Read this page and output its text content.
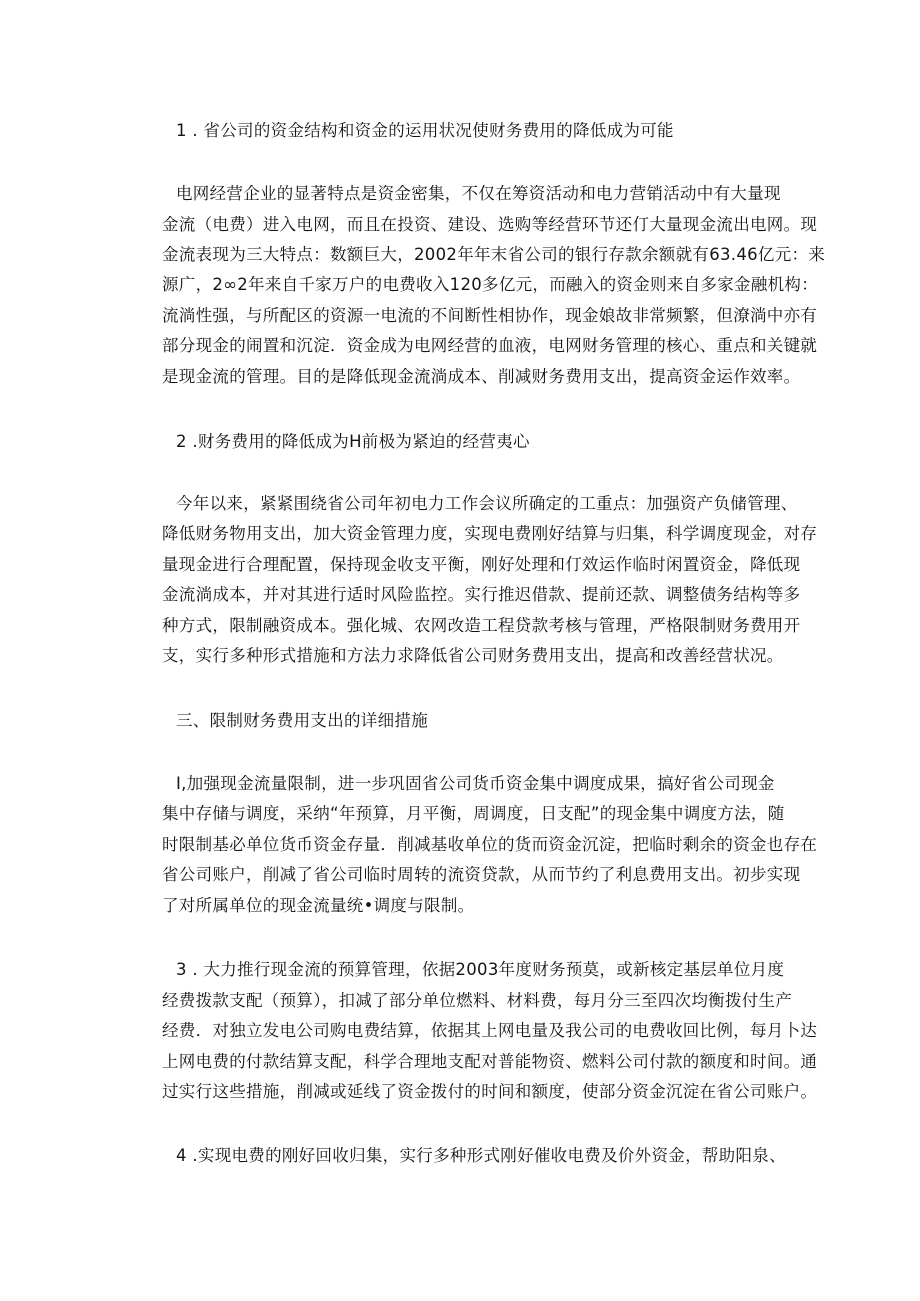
1 . 省公司的资金结构和资金的运用状况使财务费用的降低成为可能
电网经营企业的显著特点是资金密集，不仅在筹资活动和电力营销活动中有大量现
金流（电费）进入电网，而且在投资、建设、选购等经营环节还仃大量现金流出电网。现
金流表现为三大特点：数额巨大，2002年年末省公司的银行存款余额就有63.46亿元：来
源广，2∞2年来自千家万户的电费收入120多亿元，而融入的资金则来自多家金融机构：
流淌性强，与所配区的资源一电流的不间断性相协作，现金娘故非常频繁，但潦淌中亦有
部分现金的闹置和沉淀．资金成为电网经营的血液，电网财务管理的核心、重点和关键就
是现金流的管理。目的是降低现金流淌成本、削减财务费用支出，提高资金运作效率。
2 .财务费用的降低成为H前极为紧迫的经营夷心
今年以来，紧紧围绕省公司年初电力工作会议所确定的工重点：加强资产负储管理、
降低财务物用支出，加大资金管理力度，实现电费刚好结算与归集，科学调度现金，对存
量现金进行合理配置，保持现金收支平衡，刚好处理和仃效运作临时闲置资金，降低现
金流淌成本，并对其进行适时风险监控。实行推迟借款、提前还款、调整债务结构等多
种方式，限制融资成本。强化城、农网改造工程贷款考核与管理，严格限制财务费用开
支，实行多种形式措施和方法力求降低省公司财务费用支出，提高和改善经营状况。
三、限制财务费用支出的详细措施
I,加强现金流量限制，进一步巩固省公司货币资金集中调度成果，搞好省公司现金
集中存储与调度，采纳“年预算，月平衡，周调度，日支配”的现金集中调度方法，随
时限制基必单位货币资金存量．削减基收单位的货而资金沉淀，把临时剩余的资金也存在
省公司账户，削减了省公司临时周转的流资贷款，从而节约了利息费用支出。初步实现
了对所属单位的现金流量统•调度与限制。
3 . 大力推行现金流的预算管理，依据2003年度财务预莫，或新核定基层单位月度
经费拨款支配（预算），扣减了部分单位燃料、材料费，每月分三至四次均衡拨付生产
经费．对独立发电公司购电费结算，依据其上网电量及我公司的电费收回比例，每月卜达
上网电费的付款结算支配，科学合理地支配对普能物资、燃料公司付款的额度和时间。通
过实行这些措施，削减或延线了资金拨付的时间和额度，使部分资金沉淀在省公司账户。
4 .实现电费的刚好回收归集，实行多种形式刚好催收电费及价外资金，帮助阳泉、
